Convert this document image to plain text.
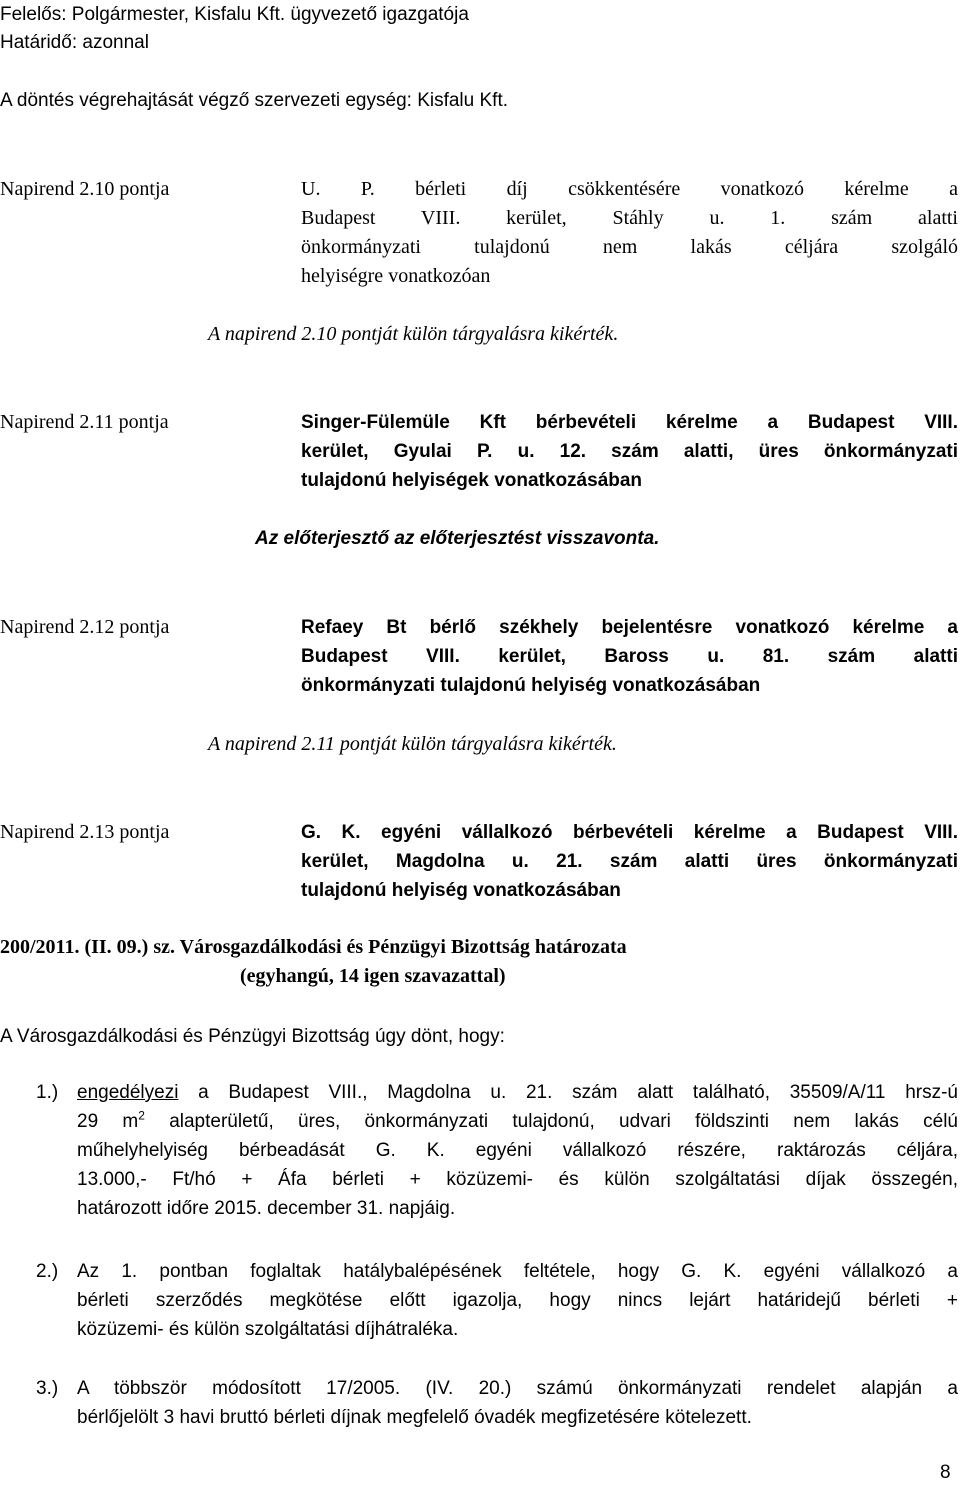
Felelős: Polgármester, Kisfalu Kft. ügyvezető igazgatója
Határidő: azonnal
A döntés végrehajtását végző szervezeti egység: Kisfalu Kft.
Napirend 2.10 pontja	U. P. bérleti díj csökkentésére vonatkozó kérelme a
Budapest VIII. kerület, Stáhly u. 1. szám alatti
önkormányzati tulajdonú nem lakás céljára szolgáló
helyiségre vonatkozóan
A napirend 2.10 pontját külön tárgyalásra kikérték.
Napirend 2.11 pontja	Singer-Fülemüle Kft bérbevételi kérelme a Budapest VIII.
kerület, Gyulai P. u. 12. szám alatti, üres önkormányzati
tulajdonú helyiségek vonatkozásában
Az előterjesztő az előterjesztést visszavonta.
Napirend 2.12 pontja	Refaey Bt bérlő székhely bejelentésre vonatkozó kérelme a
Budapest VIII. kerület, Baross u. 81. szám alatti
önkormányzati tulajdonú helyiség vonatkozásában
A napirend 2.11 pontját külön tárgyalásra kikérték.
Napirend 2.13 pontja	G. K. egyéni vállalkozó bérbevételi kérelme a Budapest VIII.
kerület, Magdolna u. 21. szám alatti üres önkormányzati
tulajdonú helyiség vonatkozásában
200/2011. (II. 09.) sz. Városgazdálkodási és Pénzügyi Bizottság határozata
(egyhangú, 14 igen szavazattal)
A Városgazdálkodási és Pénzügyi Bizottság úgy dönt, hogy:
1.) engedélyezi a Budapest VIII., Magdolna u. 21. szám alatt található, 35509/A/11 hrsz-ú
29 $m^2$ alapterületű, üres, önkormányzati tulajdonú, udvari földszinti nem lakás célú
műhelyhelyiség bérbeadását G. K. egyéni vállalkozó részére, raktározás céljára,
13.000,- Ft/hó + Áfa bérleti + közüzemi- és külön szolgáltatási díjak összegén,
határozott időre 2015. december 31. napjáig.
2.) Az 1. pontban foglaltak hatálybalépésének feltétele, hogy G. K. egyéni vállalkozó a
bérleti szerződés megkötése előtt igazolja, hogy nincs lejárt határidejű bérleti +
közüzemi- és külön szolgáltatási díjhátraléka.
3.) A többször módosított 17/2005. (IV. 20.) számú önkormányzati rendelet alapján a
bérlőjelölt 3 havi bruttó bérleti díjnak megfelelő óvadék megfizetésére kötelezett.
8
